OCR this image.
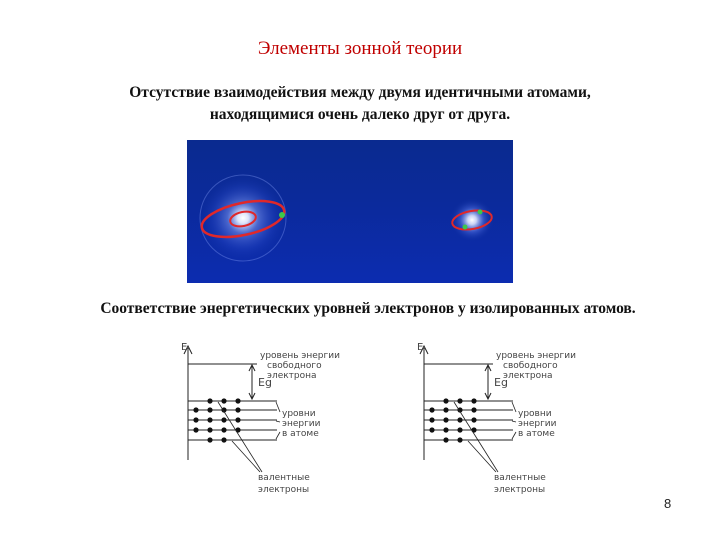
Элементы зонной теории
Отсутствие взаимодействия между двумя идентичными атомами,
находящимися очень далеко друг от друга.
Соответствие энергетических уровней электронов у изолированных атомов.
E
уровень энергии
свободного
электрона
Eg
уровни
энергии
в атоме
валентные
электроны
E
уровень энергии
свободного
электрона
Eg
уровни
энергии
в атоме
валентные
электроны
8
